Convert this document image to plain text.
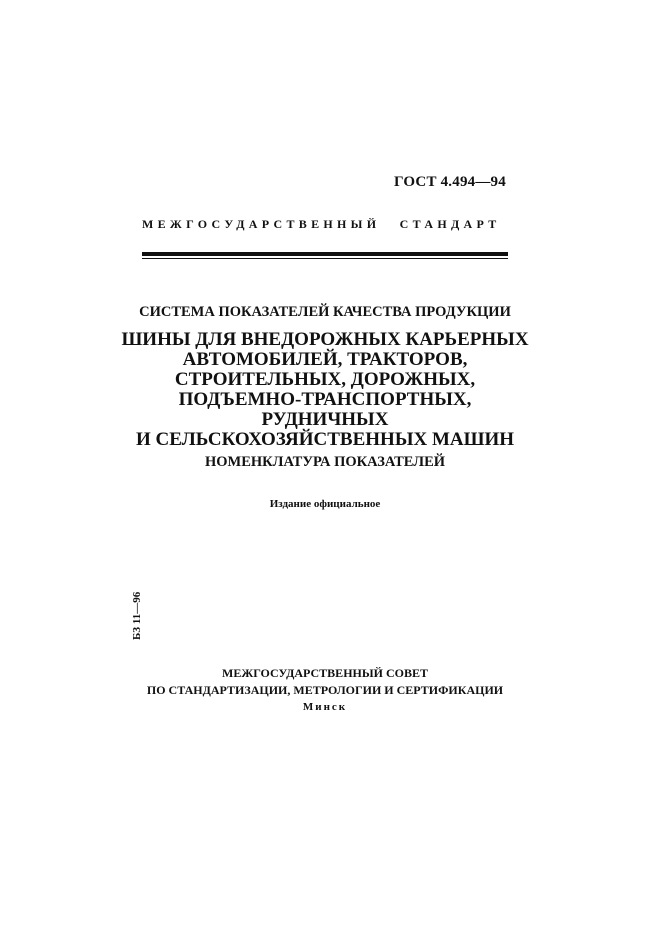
ГОСТ 4.494—94
МЕЖГОСУДАРСТВЕННЫЙ СТАНДАРТ
СИСТЕМА ПОКАЗАТЕЛЕЙ КАЧЕСТВА ПРОДУКЦИИ
ШИНЫ ДЛЯ ВНЕДОРОЖНЫХ КАРЬЕРНЫХ
АВТОМОБИЛЕЙ, ТРАКТОРОВ,
СТРОИТЕЛЬНЫХ, ДОРОЖНЫХ,
ПОДЪЕМНО-ТРАНСПОРТНЫХ,
РУДНИЧНЫХ
И СЕЛЬСКОХОЗЯЙСТВЕННЫХ МАШИН
НОМЕНКЛАТУРА ПОКАЗАТЕЛЕЙ
Издание официальное
БЗ 11—96
МЕЖГОСУДАРСТВЕННЫЙ СОВЕТ
ПО СТАНДАРТИЗАЦИИ, МЕТРОЛОГИИ И СЕРТИФИКАЦИИ
Минск
